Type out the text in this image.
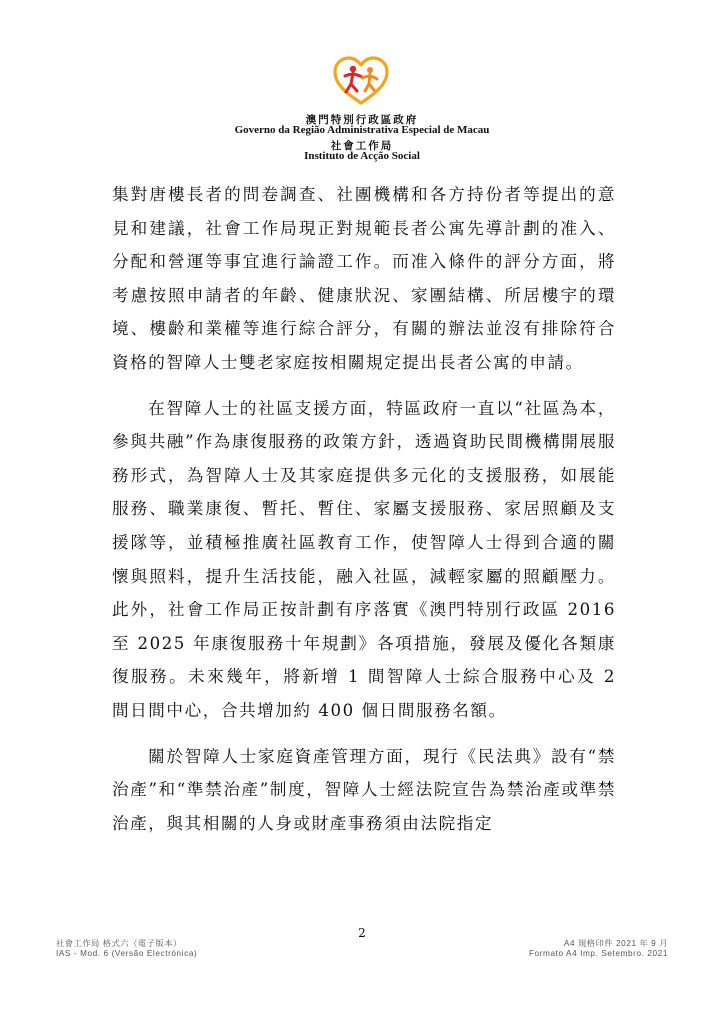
澳門特別行政區政府
Governo da Região Administrativa Especial de Macau
社會工作局
Instituto de Acção Social

集對唐樓長者的問卷調查、社團機構和各方持份者等提出的意見和建議，社會工作局現正對規範長者公寓先導計劃的准入、分配和營運等事宜進行論證工作。而准入條件的評分方面，將考慮按照申請者的年齡、健康狀況、家團結構、所居樓宇的環境、樓齡和業權等進行綜合評分，有關的辦法並沒有排除符合資格的智障人士雙老家庭按相關規定提出長者公寓的申請。

在智障人士的社區支援方面，特區政府一直以“社區為本，參與共融”作為康復服務的政策方針，透過資助民間機構開展服務形式，為智障人士及其家庭提供多元化的支援服務，如展能服務、職業康復、暫托、暫住、家屬支援服務、家居照顧及支援隊等，並積極推廣社區教育工作，使智障人士得到合適的關懷與照料，提升生活技能，融入社區，減輕家屬的照顧壓力。此外，社會工作局正按計劃有序落實《澳門特別行政區 2016 至 2025 年康復服務十年規劃》各項措施，發展及優化各類康復服務。未來幾年，將新增 1 間智障人士綜合服務中心及 2 間日間中心，合共增加約 400 個日間服務名額。

關於智障人士家庭資產管理方面，現行《民法典》設有“禁治產”和“準禁治產”制度，智障人士經法院宣告為禁治產或準禁治產，與其相關的人身或財產事務須由法院指定

2
社會工作局 格式六（電子版本）
IAS - Mod. 6 (Versão Electrónica)
A4 規格印件 2021 年 9 月
Formato A4 Imp. Setembro. 2021
